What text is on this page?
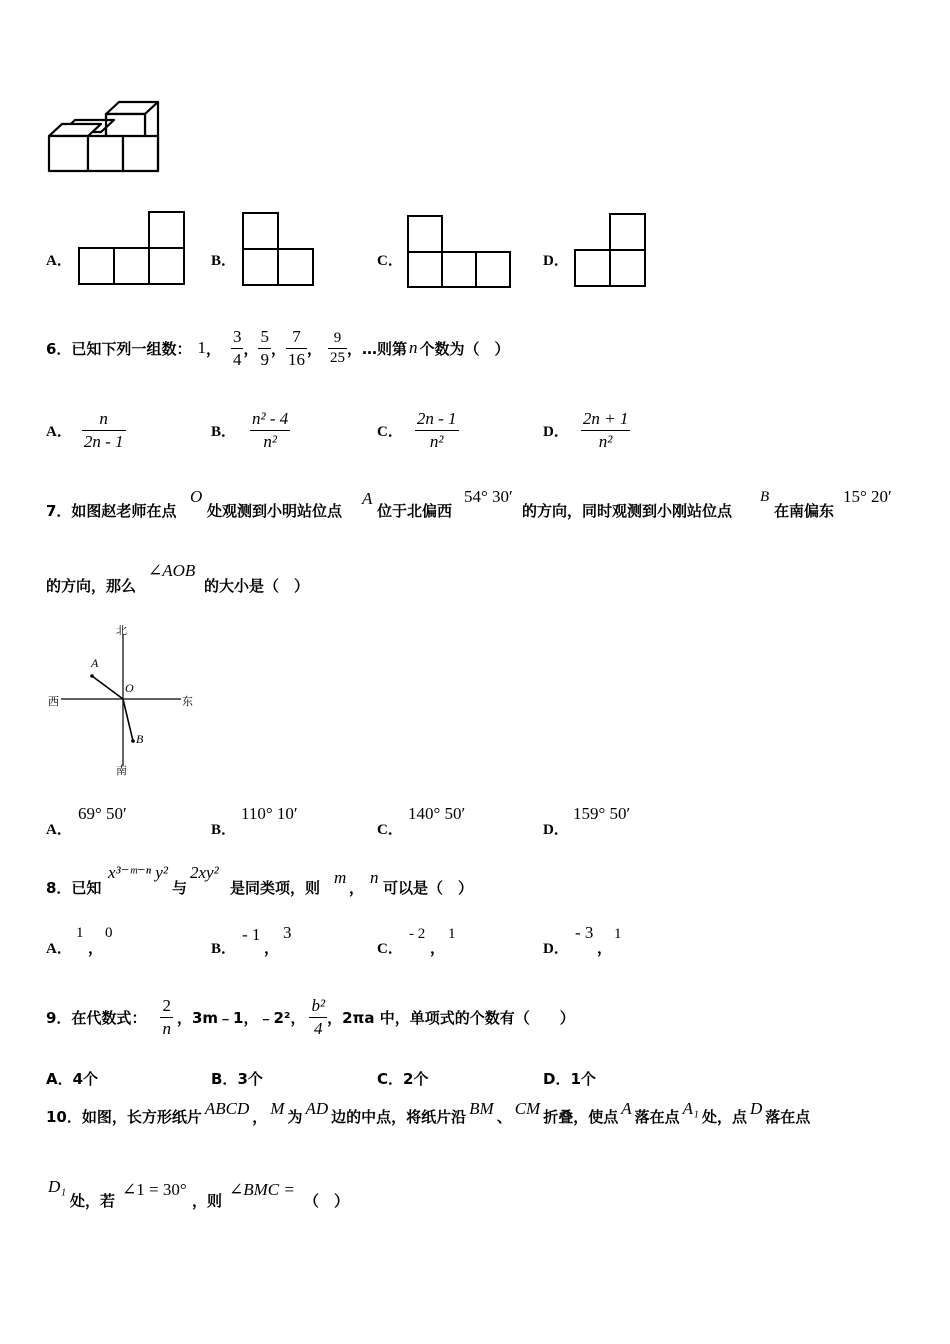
A．	B．	C．	D．
6．已知下列一组数： 1 ， $\frac{3}{4}$ ， $\frac{5}{9}$ ， $\frac{7}{16}$ ， $\frac{9}{25}$ ，…则第 n 个数为（　）
A． $\frac{n}{2n - 1}$	B． $\frac{\text{n² - 4}}{\text{n²}}$	C． $\frac{2n - 1}{\text{n²}}$	D． $\frac{2n + 1}{\text{n²}}$
7．如图赵老师在点
O
处观测到小明站位点
A
位于北偏西
54° 30′
的方向，同时观测到小刚站位点
B
在南偏东
15° 20′
的方向，那么
∠AOB
的大小是（　）
北
南
西	东
A
O
B
A．
69° 50′
B．
110° 10′
C．
140° 50′
D．
159° 50′
8．已知
x³⁻ᵐ⁻ⁿ y²
与
2xy²
是同类项，则
m
，
n
可以是（　）
A．
1
，
0
B．
- 1
，
3
C．
- 2
，
1
D．
- 3
，
1
9．在代数式： $\frac{2}{n}$ ，3m﹣1，﹣2²， $\frac{\text{b²}}{4}$ ，2πa 中，单项式的个数有（　　）
A．4个	B．3个	C．2个	D．1个
10．如图，长方形纸片 ABCD ， M 为 AD 边的中点，将纸片沿 BM 、 CM 折叠，使点 A 落在点 A₁ 处，点 D 落在点
D₁
处，若
∠1 = 30°
，则
∠BMC =
（　）
